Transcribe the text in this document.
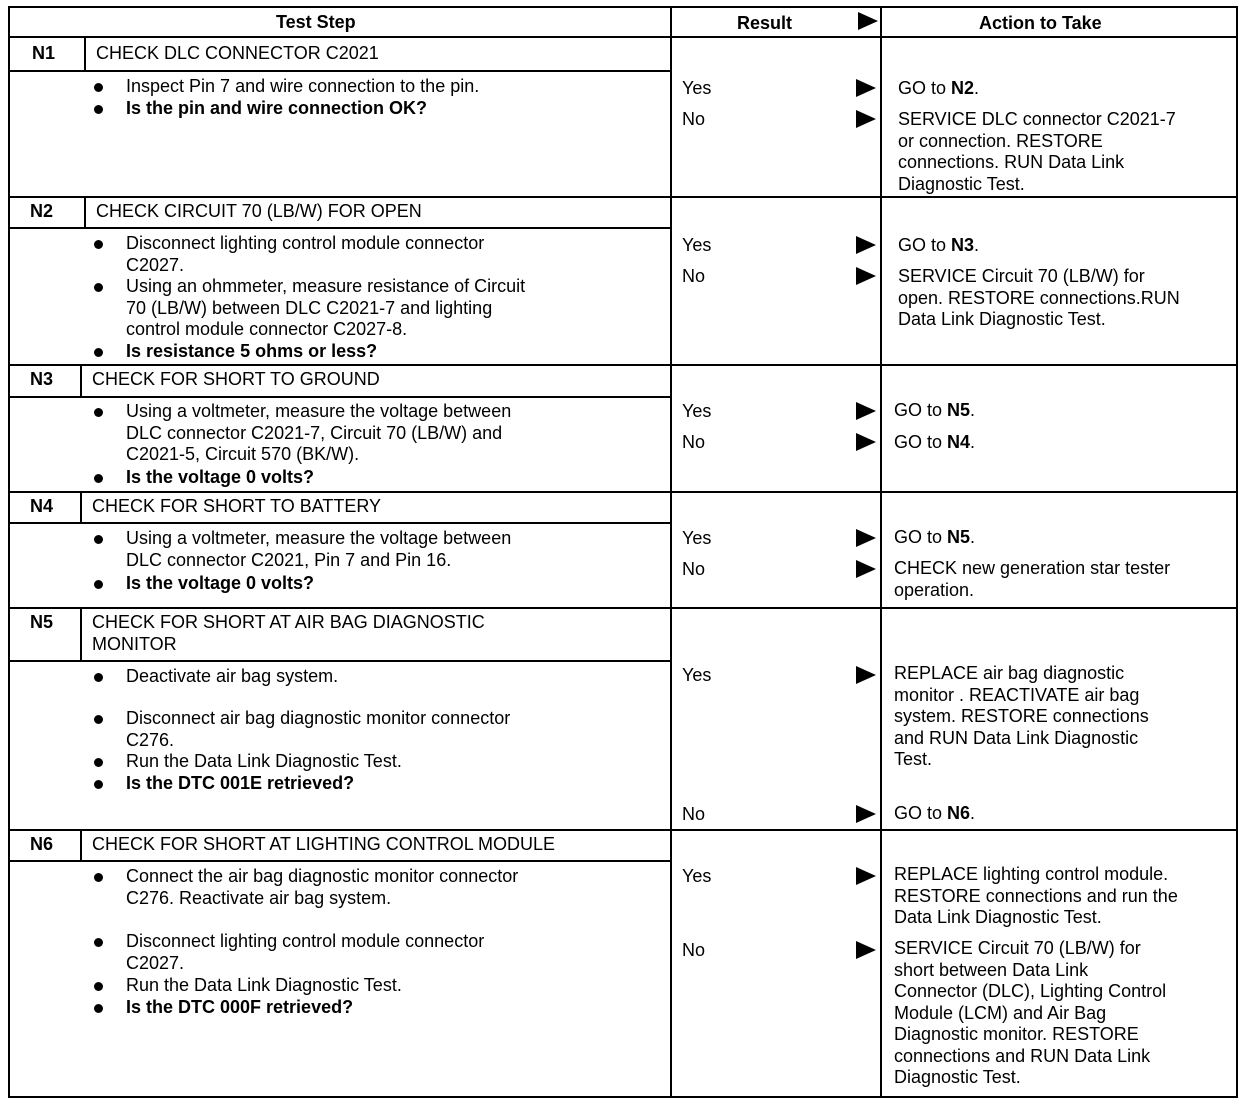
Test Step	Result	Action to Take
N1 CHECK DLC CONNECTOR C2021
Inspect Pin 7 and wire connection to the pin.
Is the pin and wire connection OK?
Yes	GO to N2.
No	SERVICE DLC connector C2021-7
or connection. RESTORE
connections. RUN Data Link
Diagnostic Test.
N2 CHECK CIRCUIT 70 (LB/W) FOR OPEN
Disconnect lighting control module connector
C2027.
Using an ohmmeter, measure resistance of Circuit
70 (LB/W) between DLC C2021-7 and lighting
control module connector C2027-8.
Is resistance 5 ohms or less?
Yes	GO to N3.
No	SERVICE Circuit 70 (LB/W) for
open. RESTORE connections.RUN
Data Link Diagnostic Test.
N3 CHECK FOR SHORT TO GROUND
Using a voltmeter, measure the voltage between
DLC connector C2021-7, Circuit 70 (LB/W) and
C2021-5, Circuit 570 (BK/W).
Is the voltage 0 volts?
Yes	GO to N5.
No	GO to N4.
N4 CHECK FOR SHORT TO BATTERY
Using a voltmeter, measure the voltage between
DLC connector C2021, Pin 7 and Pin 16.
Is the voltage 0 volts?
Yes	GO to N5.
No	CHECK new generation star tester
operation.
N5 CHECK FOR SHORT AT AIR BAG DIAGNOSTIC
MONITOR
Deactivate air bag system.
Disconnect air bag diagnostic monitor connector
C276.
Run the Data Link Diagnostic Test.
Is the DTC 001E retrieved?
Yes	REPLACE air bag diagnostic
monitor . REACTIVATE air bag
system. RESTORE connections
and RUN Data Link Diagnostic
Test.
No	GO to N6.
N6 CHECK FOR SHORT AT LIGHTING CONTROL MODULE
Connect the air bag diagnostic monitor connector
C276. Reactivate air bag system.
Disconnect lighting control module connector
C2027.
Run the Data Link Diagnostic Test.
Is the DTC 000F retrieved?
Yes	REPLACE lighting control module.
RESTORE connections and run the
Data Link Diagnostic Test.
No	SERVICE Circuit 70 (LB/W) for
short between Data Link
Connector (DLC), Lighting Control
Module (LCM) and Air Bag
Diagnostic monitor. RESTORE
connections and RUN Data Link
Diagnostic Test.
